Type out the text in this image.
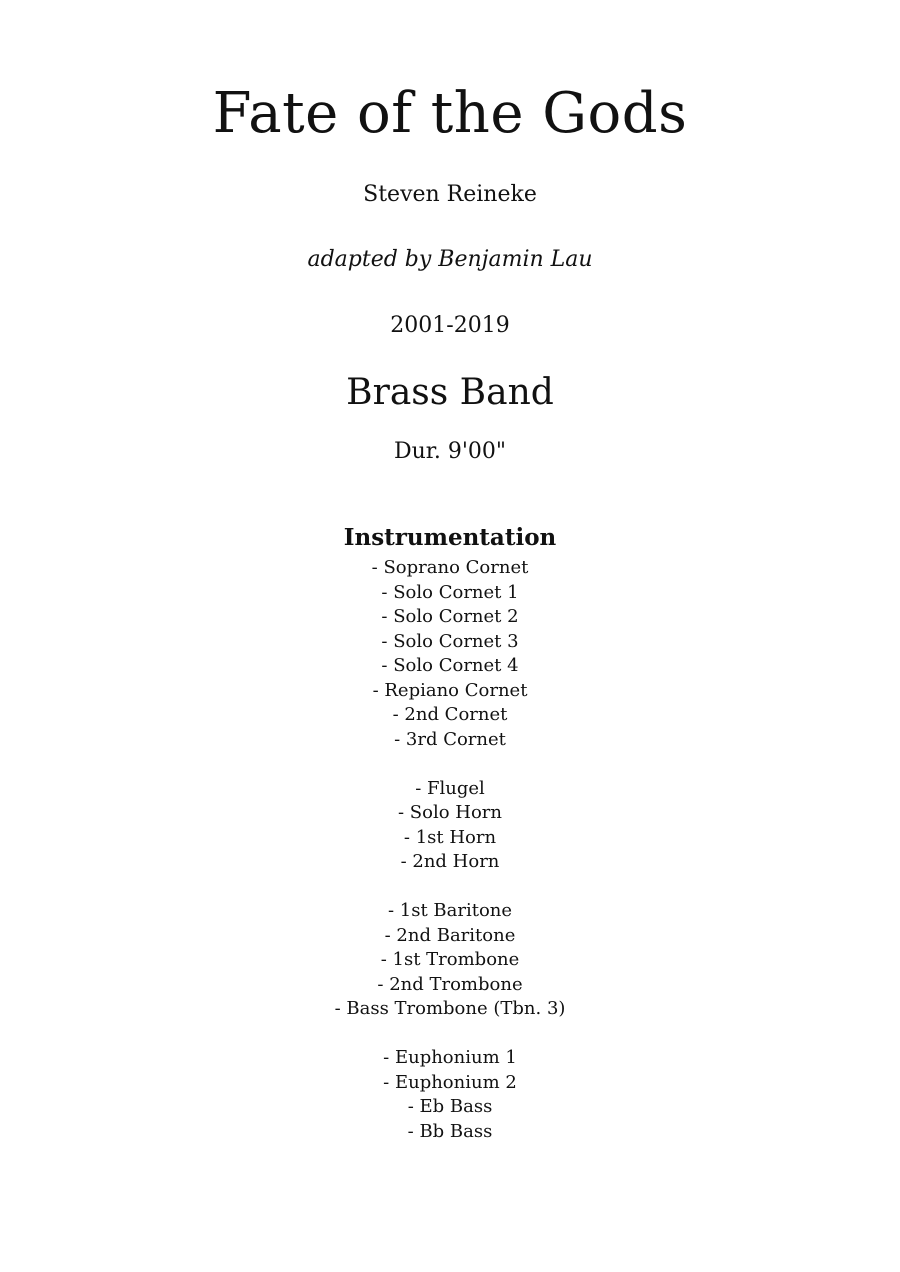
Fate of the Gods
Steven Reineke
adapted by Benjamin Lau
2001-2019
Brass Band
Dur. 9'00"
Instrumentation
- Soprano Cornet
- Solo Cornet 1
- Solo Cornet 2
- Solo Cornet 3
- Solo Cornet 4
- Repiano Cornet
- 2nd Cornet
- 3rd Cornet
- Flugel
- Solo Horn
- 1st Horn
- 2nd Horn
- 1st Baritone
- 2nd Baritone
- 1st Trombone
- 2nd Trombone
- Bass Trombone (Tbn. 3)
- Euphonium 1
- Euphonium 2
- Eb Bass
- Bb Bass
